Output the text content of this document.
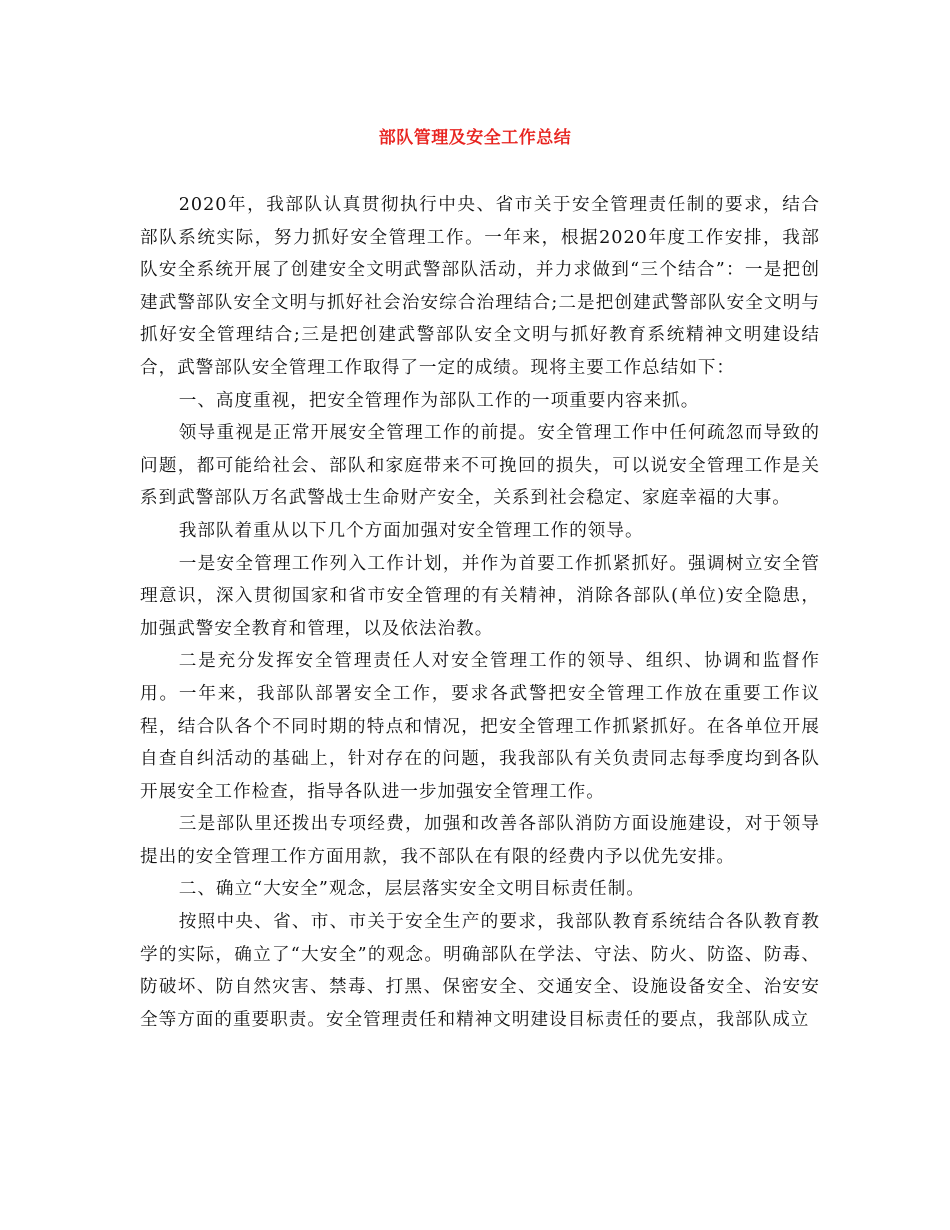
部队管理及安全工作总结

2020年，我部队认真贯彻执行中央、省市关于安全管理责任制的要求，结合部队系统实际，努力抓好安全管理工作。一年来，根据2020年度工作安排，我部队安全系统开展了创建安全文明武警部队活动，并力求做到“三个结合”：一是把创建武警部队安全文明与抓好社会治安综合治理结合;二是把创建武警部队安全文明与抓好安全管理结合;三是把创建武警部队安全文明与抓好教育系统精神文明建设结合，武警部队安全管理工作取得了一定的成绩。现将主要工作总结如下：

一、高度重视，把安全管理作为部队工作的一项重要内容来抓。

领导重视是正常开展安全管理工作的前提。安全管理工作中任何疏忽而导致的问题，都可能给社会、部队和家庭带来不可挽回的损失，可以说安全管理工作是关系到武警部队万名武警战士生命财产安全，关系到社会稳定、家庭幸福的大事。

我部队着重从以下几个方面加强对安全管理工作的领导。

一是安全管理工作列入工作计划，并作为首要工作抓紧抓好。强调树立安全管理意识，深入贯彻国家和省市安全管理的有关精神，消除各部队(单位)安全隐患，加强武警安全教育和管理，以及依法治教。

二是充分发挥安全管理责任人对安全管理工作的领导、组织、协调和监督作用。一年来，我部队部署安全工作，要求各武警把安全管理工作放在重要工作议程，结合队各个不同时期的特点和情况，把安全管理工作抓紧抓好。在各单位开展自查自纠活动的基础上，针对存在的问题，我我部队有关负责同志每季度均到各队开展安全工作检查，指导各队进一步加强安全管理工作。

三是部队里还拨出专项经费，加强和改善各部队消防方面设施建设，对于领导提出的安全管理工作方面用款，我不部队在有限的经费内予以优先安排。

二、确立“大安全”观念，层层落实安全文明目标责任制。

按照中央、省、市、市关于安全生产的要求，我部队教育系统结合各队教育教学的实际，确立了“大安全”的观念。明确部队在学法、守法、防火、防盗、防毒、防破坏、防自然灾害、禁毒、打黑、保密安全、交通安全、设施设备安全、治安安全等方面的重要职责。安全管理责任和精神文明建设目标责任的要点，我部队成立
